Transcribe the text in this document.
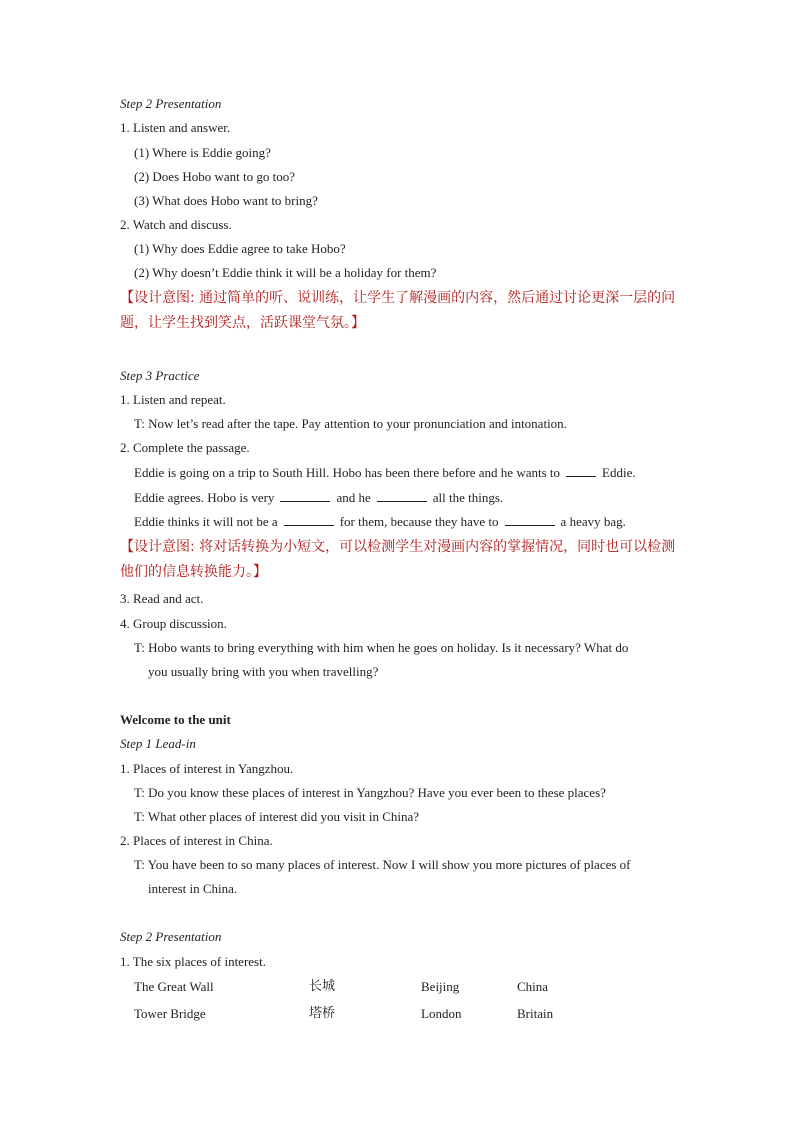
Step 2 Presentation
1. Listen and answer.
(1) Where is Eddie going?
(2) Does Hobo want to go too?
(3) What does Hobo want to bring?
2. Watch and discuss.
(1) Why does Eddie agree to take Hobo?
(2) Why doesn’t Eddie think it will be a holiday for them?
【设计意图: 通过简单的听、说训练，让学生了解漫画的内容，然后通过讨论更深一层的问题，让学生找到笑点，活跃课堂气氛。】
Step 3 Practice
1. Listen and repeat.
T: Now let’s read after the tape. Pay attention to your pronunciation and intonation.
2. Complete the passage.
Eddie is going on a trip to South Hill. Hobo has been there before and he wants to	Eddie.
Eddie agrees. Hobo is very	and he	all the things.
Eddie thinks it will not be a	for them, because they have to	a heavy bag.
【设计意图: 将对话转换为小短文，可以检测学生对漫画内容的掌握情况，同时也可以检测他们的信息转换能力。】
3. Read and act.
4. Group discussion.
T: Hobo wants to bring everything with him when he goes on holiday. Is it necessary? What do
you usually bring with you when travelling?
Welcome to the unit
Step 1 Lead-in
1. Places of interest in Yangzhou.
T: Do you know these places of interest in Yangzhou? Have you ever been to these places?
T: What other places of interest did you visit in China?
2. Places of interest in China.
T: You have been to so many places of interest. Now I will show you more pictures of places of
interest in China.
Step 2 Presentation
1. The six places of interest.
The Great Wall	长城	Beijing	China
Tower Bridge	塔桥	London	Britain
